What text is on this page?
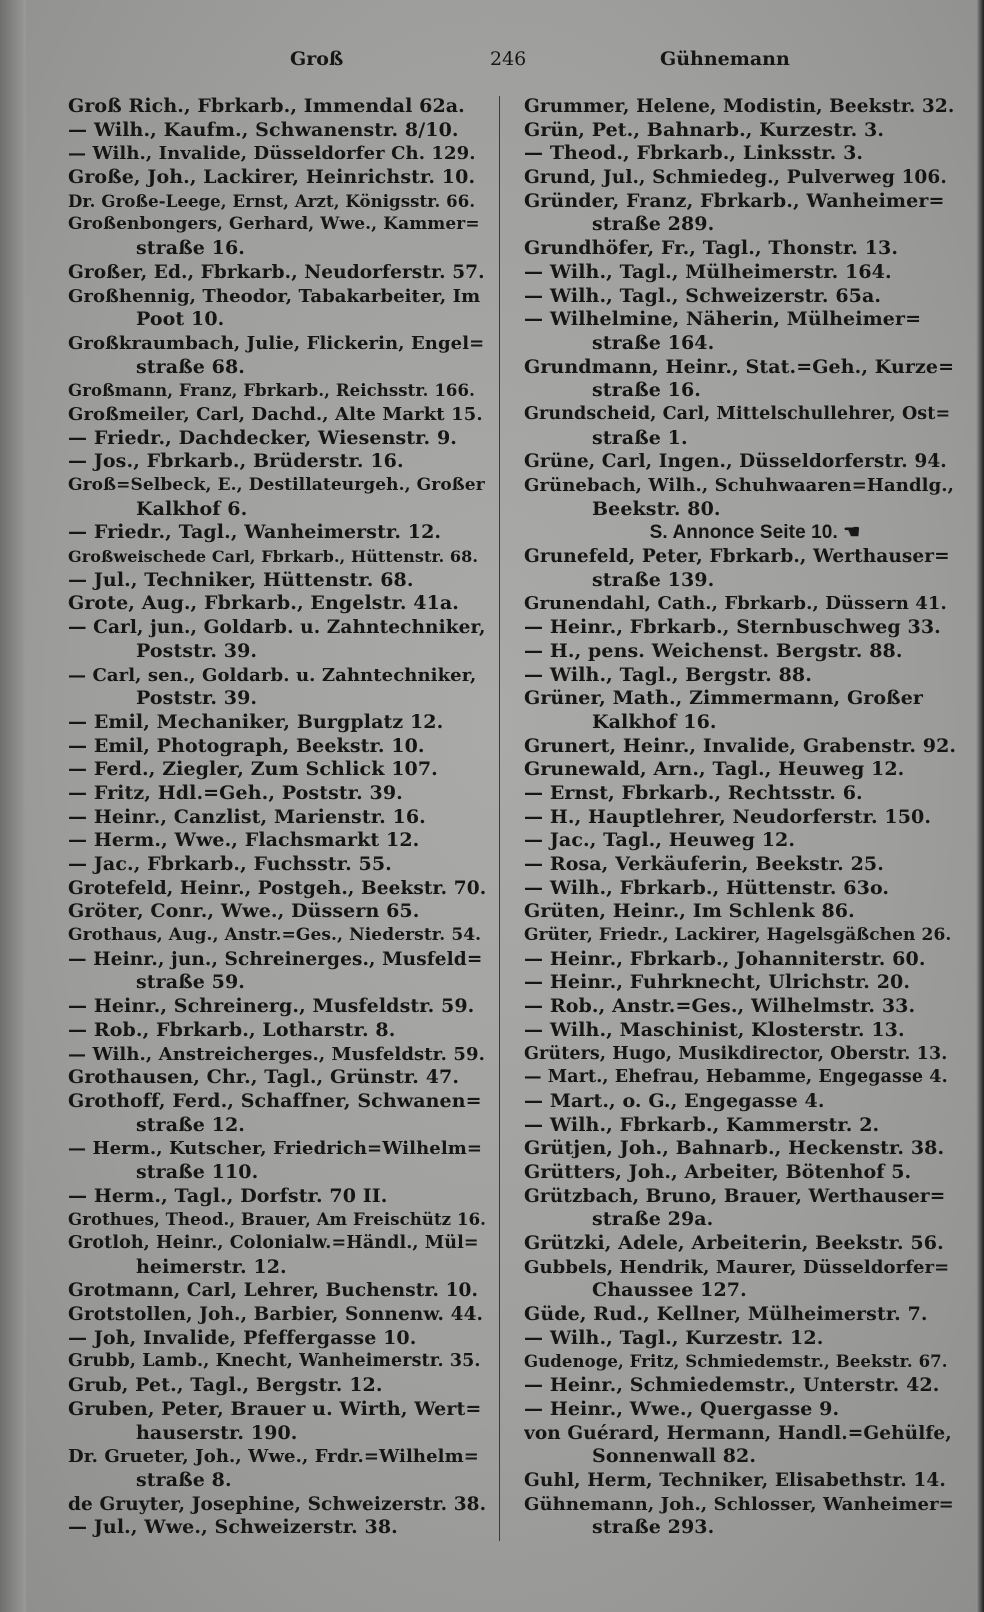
Groß	246	Gühnemann
Groß Rich., Fbrkarb., Immendal 62a.
— Wilh., Kaufm., Schwanenstr. 8/10.
— Wilh., Invalide, Düsseldorfer Ch. 129.
Große, Joh., Lackirer, Heinrichstr. 10.
Dr. Große-Leege, Ernst, Arzt, Königsstr. 66.
Großenbongers, Gerhard, Wwe., Kammer=
straße 16.
Großer, Ed., Fbrkarb., Neudorferstr. 57.
Großhennig, Theodor, Tabakarbeiter, Im
Poot 10.
Großkraumbach, Julie, Flickerin, Engel=
straße 68.
Großmann, Franz, Fbrkarb., Reichsstr. 166.
Großmeiler, Carl, Dachd., Alte Markt 15.
— Friedr., Dachdecker, Wiesenstr. 9.
— Jos., Fbrkarb., Brüderstr. 16.
Groß=Selbeck, E., Destillateurgeh., Großer
Kalkhof 6.
— Friedr., Tagl., Wanheimerstr. 12.
Großweischede Carl, Fbrkarb., Hüttenstr. 68.
— Jul., Techniker, Hüttenstr. 68.
Grote, Aug., Fbrkarb., Engelstr. 41a.
— Carl, jun., Goldarb. u. Zahntechniker,
Poststr. 39.
— Carl, sen., Goldarb. u. Zahntechniker,
Poststr. 39.
— Emil, Mechaniker, Burgplatz 12.
— Emil, Photograph, Beekstr. 10.
— Ferd., Ziegler, Zum Schlick 107.
— Fritz, Hdl.=Geh., Poststr. 39.
— Heinr., Canzlist, Marienstr. 16.
— Herm., Wwe., Flachsmarkt 12.
— Jac., Fbrkarb., Fuchsstr. 55.
Grotefeld, Heinr., Postgeh., Beekstr. 70.
Gröter, Conr., Wwe., Düssern 65.
Grothaus, Aug., Anstr.=Ges., Niederstr. 54.
— Heinr., jun., Schreinerges., Musfeld=
straße 59.
— Heinr., Schreinerg., Musfeldstr. 59.
— Rob., Fbrkarb., Lotharstr. 8.
— Wilh., Anstreicherges., Musfeldstr. 59.
Grothausen, Chr., Tagl., Grünstr. 47.
Grothoff, Ferd., Schaffner, Schwanen=
straße 12.
— Herm., Kutscher, Friedrich=Wilhelm=
straße 110.
— Herm., Tagl., Dorfstr. 70 II.
Grothues, Theod., Brauer, Am Freischütz 16.
Grotloh, Heinr., Colonialw.=Händl., Mül=
heimerstr. 12.
Grotmann, Carl, Lehrer, Buchenstr. 10.
Grotstollen, Joh., Barbier, Sonnenw. 44.
— Joh, Invalide, Pfeffergasse 10.
Grubb, Lamb., Knecht, Wanheimerstr. 35.
Grub, Pet., Tagl., Bergstr. 12.
Gruben, Peter, Brauer u. Wirth, Wert=
hauserstr. 190.
Dr. Grueter, Joh., Wwe., Frdr.=Wilhelm=
straße 8.
de Gruyter, Josephine, Schweizerstr. 38.
— Jul., Wwe., Schweizerstr. 38.
Grummer, Helene, Modistin, Beekstr. 32.
Grün, Pet., Bahnarb., Kurzestr. 3.
— Theod., Fbrkarb., Linksstr. 3.
Grund, Jul., Schmiedeg., Pulverweg 106.
Gründer, Franz, Fbrkarb., Wanheimer=
straße 289.
Grundhöfer, Fr., Tagl., Thonstr. 13.
— Wilh., Tagl., Mülheimerstr. 164.
— Wilh., Tagl., Schweizerstr. 65a.
— Wilhelmine, Näherin, Mülheimer=
straße 164.
Grundmann, Heinr., Stat.=Geh., Kurze=
straße 16.
Grundscheid, Carl, Mittelschullehrer, Ost=
straße 1.
Grüne, Carl, Ingen., Düsseldorferstr. 94.
Grünebach, Wilh., Schuhwaaren=Handlg.,
Beekstr. 80.
S. Annonce Seite 10. ☚
Grunefeld, Peter, Fbrkarb., Werthauser=
straße 139.
Grunendahl, Cath., Fbrkarb., Düssern 41.
— Heinr., Fbrkarb., Sternbuschweg 33.
— H., pens. Weichenst. Bergstr. 88.
— Wilh., Tagl., Bergstr. 88.
Grüner, Math., Zimmermann, Großer
Kalkhof 16.
Grunert, Heinr., Invalide, Grabenstr. 92.
Grunewald, Arn., Tagl., Heuweg 12.
— Ernst, Fbrkarb., Rechtsstr. 6.
— H., Hauptlehrer, Neudorferstr. 150.
— Jac., Tagl., Heuweg 12.
— Rosa, Verkäuferin, Beekstr. 25.
— Wilh., Fbrkarb., Hüttenstr. 63o.
Grüten, Heinr., Im Schlenk 86.
Grüter, Friedr., Lackirer, Hagelsgäßchen 26.
— Heinr., Fbrkarb., Johanniterstr. 60.
— Heinr., Fuhrknecht, Ulrichstr. 20.
— Rob., Anstr.=Ges., Wilhelmstr. 33.
— Wilh., Maschinist, Klosterstr. 13.
Grüters, Hugo, Musikdirector, Oberstr. 13.
— Mart., Ehefrau, Hebamme, Engegasse 4.
— Mart., o. G., Engegasse 4.
— Wilh., Fbrkarb., Kammerstr. 2.
Grütjen, Joh., Bahnarb., Heckenstr. 38.
Grütters, Joh., Arbeiter, Bötenhof 5.
Grützbach, Bruno, Brauer, Werthauser=
straße 29a.
Grützki, Adele, Arbeiterin, Beekstr. 56.
Gubbels, Hendrik, Maurer, Düsseldorfer=
Chaussee 127.
Güde, Rud., Kellner, Mülheimerstr. 7.
— Wilh., Tagl., Kurzestr. 12.
Gudenoge, Fritz, Schmiedemstr., Beekstr. 67.
— Heinr., Schmiedemstr., Unterstr. 42.
— Heinr., Wwe., Quergasse 9.
von Guérard, Hermann, Handl.=Gehülfe,
Sonnenwall 82.
Guhl, Herm, Techniker, Elisabethstr. 14.
Gühnemann, Joh., Schlosser, Wanheimer=
straße 293.
